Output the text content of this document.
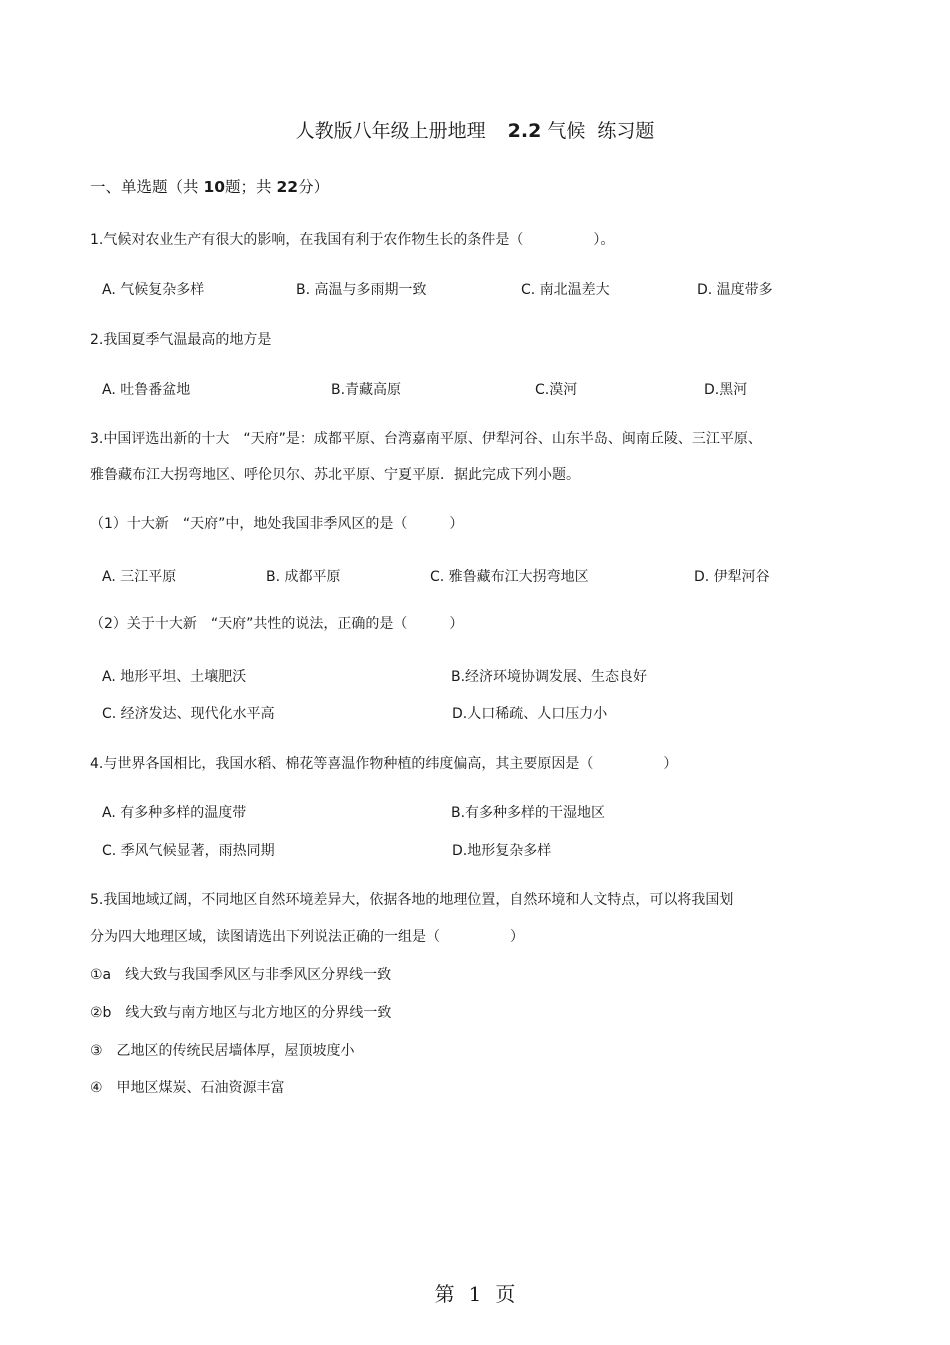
人教版八年级上册地理 2.2 气候 练习题
一、单选题（共 10题；共 22分）
1.气候对农业生产有很大的影响，在我国有利于农作物生长的条件是（　　　　　）。
A. 气候复杂多样	B. 高温与多雨期一致	C. 南北温差大	D. 温度带多
2.我国夏季气温最高的地方是
A. 吐鲁番盆地	B.青藏高原	C.漠河	D.黑河
3.中国评选出新的十大　“天府”是：成都平原、台湾嘉南平原、伊犁河谷、山东半岛、闽南丘陵、三江平原、
雅鲁藏布江大拐弯地区、呼伦贝尔、苏北平原、宁夏平原．据此完成下列小题。
（1）十大新　“天府”中，地处我国非季风区的是（　　　）
A. 三江平原	B. 成都平原	C. 雅鲁藏布江大拐弯地区	D. 伊犁河谷
（2）关于十大新　“天府”共性的说法，正确的是（　　　）
A. 地形平坦、土壤肥沃	B.经济环境协调发展、生态良好
C. 经济发达、现代化水平高	D.人口稀疏、人口压力小
4.与世界各国相比，我国水稻、棉花等喜温作物种植的纬度偏高，其主要原因是（　　　　　）
A. 有多种多样的温度带	B.有多种多样的干湿地区
C. 季风气候显著，雨热同期	D.地形复杂多样
5.我国地域辽阔，不同地区自然环境差异大，依据各地的地理位置，自然环境和人文特点，可以将我国划
分为四大地理区域，读图请选出下列说法正确的一组是（　　　　　）
①a　线大致与我国季风区与非季风区分界线一致
②b　线大致与南方地区与北方地区的分界线一致
③　乙地区的传统民居墙体厚，屋顶坡度小
④　甲地区煤炭、石油资源丰富
第 1 页
